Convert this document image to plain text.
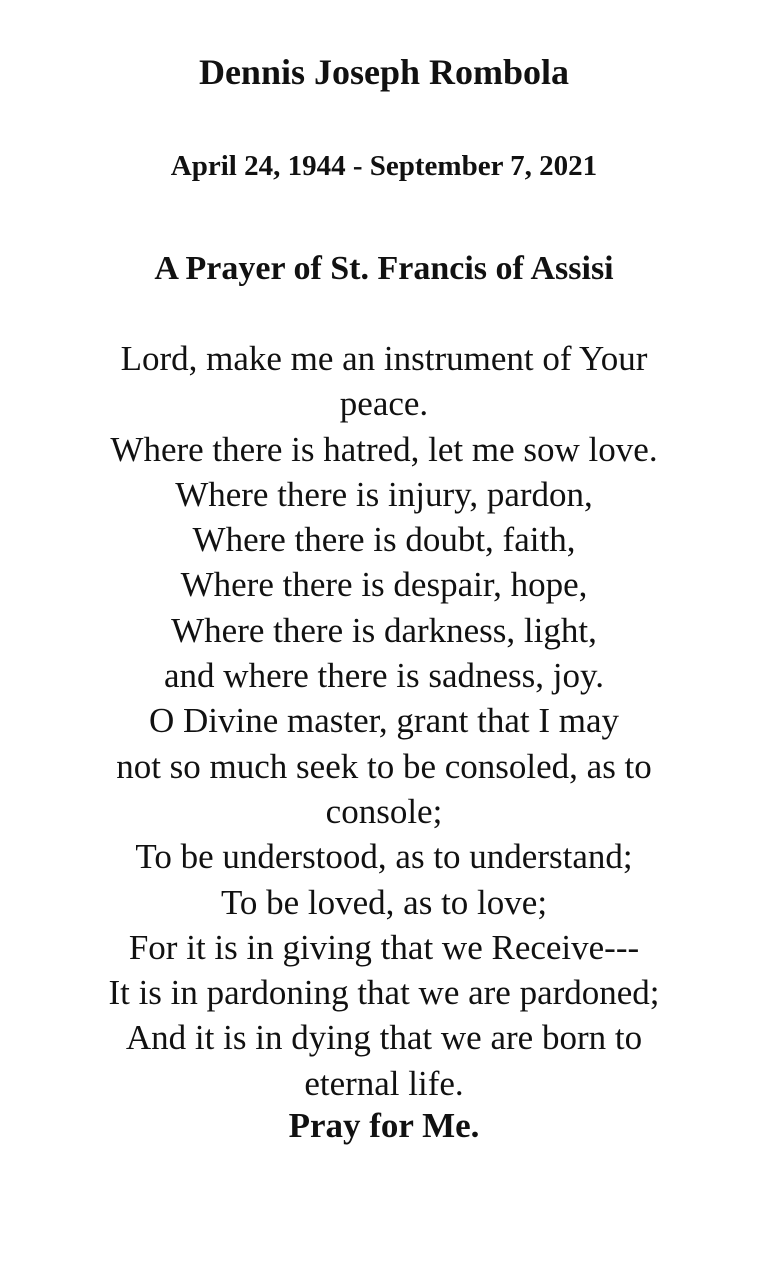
Dennis Joseph Rombola
April 24, 1944 - September 7, 2021
A Prayer of St. Francis of Assisi
Lord, make me an instrument of Your
peace.
Where there is hatred, let me sow love.
Where there is injury, pardon,
Where there is doubt, faith,
Where there is despair, hope,
Where there is darkness, light,
and where there is sadness, joy.
O Divine master, grant that I may
not so much seek to be consoled, as to
console;
To be understood, as to understand;
To be loved, as to love;
For it is in giving that we Receive---
It is in pardoning that we are pardoned;
And it is in dying that we are born to
eternal life.
Pray for Me.
